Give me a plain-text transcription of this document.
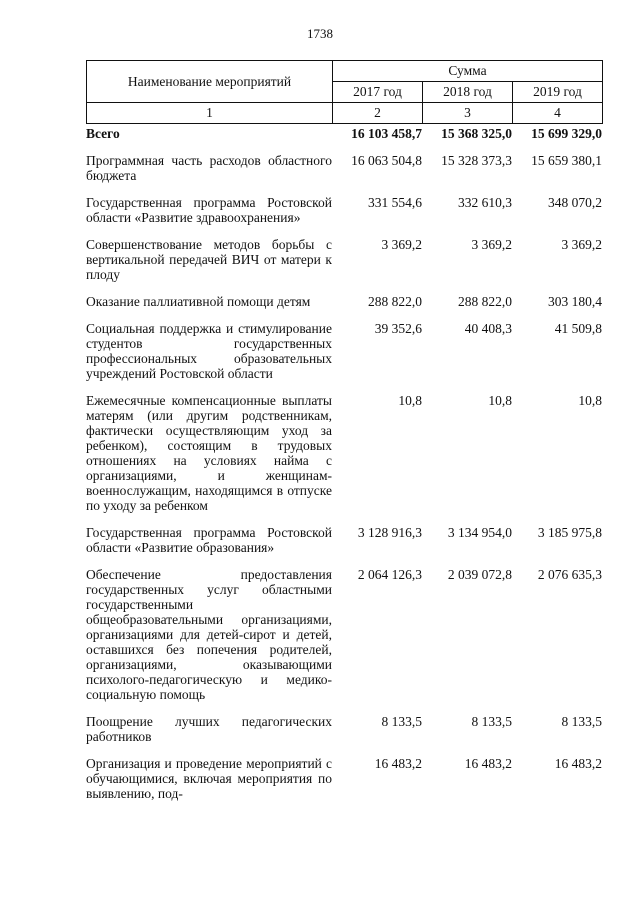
1738
Наименование мероприятий	Сумма		
	2017 год	2018 год	2019 год
1	2	3	4
Всего	16 103 458,7	15 368 325,0	15 699 329,0
Программная часть расходов областного бюджета	16 063 504,8	15 328 373,3	15 659 380,1
Государственная программа Ростовской области «Развитие здравоохранения»	331 554,6	332 610,3	348 070,2
Совершенствование методов борьбы с вертикальной передачей ВИЧ от матери к плоду	3 369,2	3 369,2	3 369,2
Оказание паллиативной помощи детям	288 822,0	288 822,0	303 180,4
Социальная поддержка и стимулирование студентов государственных профессиональных образовательных учреждений Ростовской области	39 352,6	40 408,3	41 509,8
Ежемесячные компенсационные выплаты матерям (или другим родственникам, фактически осуществляющим уход за ребенком), состоящим в трудовых отношениях на условиях найма с организациями, и женщинам-военнослужащим, находящимся в отпуске по уходу за ребенком	10,8	10,8	10,8
Государственная программа Ростовской области «Развитие образования»	3 128 916,3	3 134 954,0	3 185 975,8
Обеспечение предоставления государственных услуг областными государственными общеобразовательными организациями, организациями для детей-сирот и детей, оставшихся без попечения родителей, организациями, оказывающими психолого-педагогическую и медико-социальную помощь	2 064 126,3	2 039 072,8	2 076 635,3
Поощрение лучших педагогических работников	8 133,5	8 133,5	8 133,5
Организация и проведение мероприятий с обучающимися, включая мероприятия по выявлению, под-	16 483,2	16 483,2	16 483,2
